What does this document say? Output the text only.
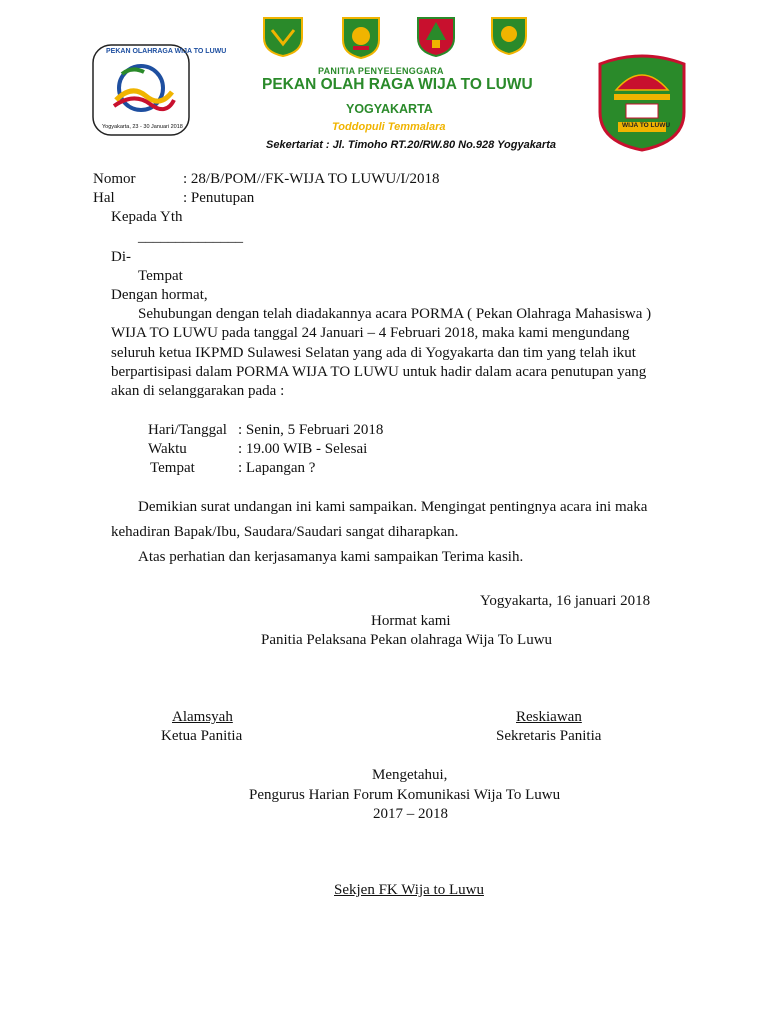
PEKAN OLAHRAGA WIJA TO LUWU
Yogyakarta, 23 - 30 Januari 2018
PANITIA PENYELENGGARA
PEKAN OLAH RAGA WIJA TO LUWU
YOGYAKARTA
Toddopuli Temmalara
Sekertariat : Jl. Timoho RT.20/RW.80 No.928 Yogyakarta
WIJA TO LUWU
Nomor	: 28/B/POM//FK-WIJA TO LUWU/I/2018
Hal	: Penutupan
Kepada Yth
______________
Di-
Tempat
Dengan hormat,
Sehubungan dengan telah diadakannya acara PORMA ( Pekan Olahraga Mahasiswa )
WIJA TO LUWU pada tanggal 24 Januari – 4 Februari 2018, maka kami mengundang
seluruh ketua IKPMD Sulawesi Selatan yang ada di Yogyakarta dan tim yang telah ikut
berpartisipasi dalam PORMA WIJA TO LUWU untuk hadir dalam acara penutupan yang
akan di selanggarakan pada :
Hari/Tanggal : Senin, 5 Februari 2018
Waktu	: 19.00 WIB - Selesai
Tempat	: Lapangan ?
Demikian surat undangan ini kami sampaikan. Mengingat pentingnya acara ini maka
kehadiran Bapak/Ibu, Saudara/Saudari sangat diharapkan.
Atas perhatian dan kerjasamanya kami sampaikan Terima kasih.
Yogyakarta, 16 januari 2018
Hormat kami
Panitia Pelaksana Pekan olahraga Wija To Luwu
Alamsyah
Ketua Panitia
Reskiawan
Sekretaris Panitia
Mengetahui,
Pengurus Harian Forum Komunikasi Wija To Luwu
2017 – 2018
Sekjen FK Wija to Luwu
